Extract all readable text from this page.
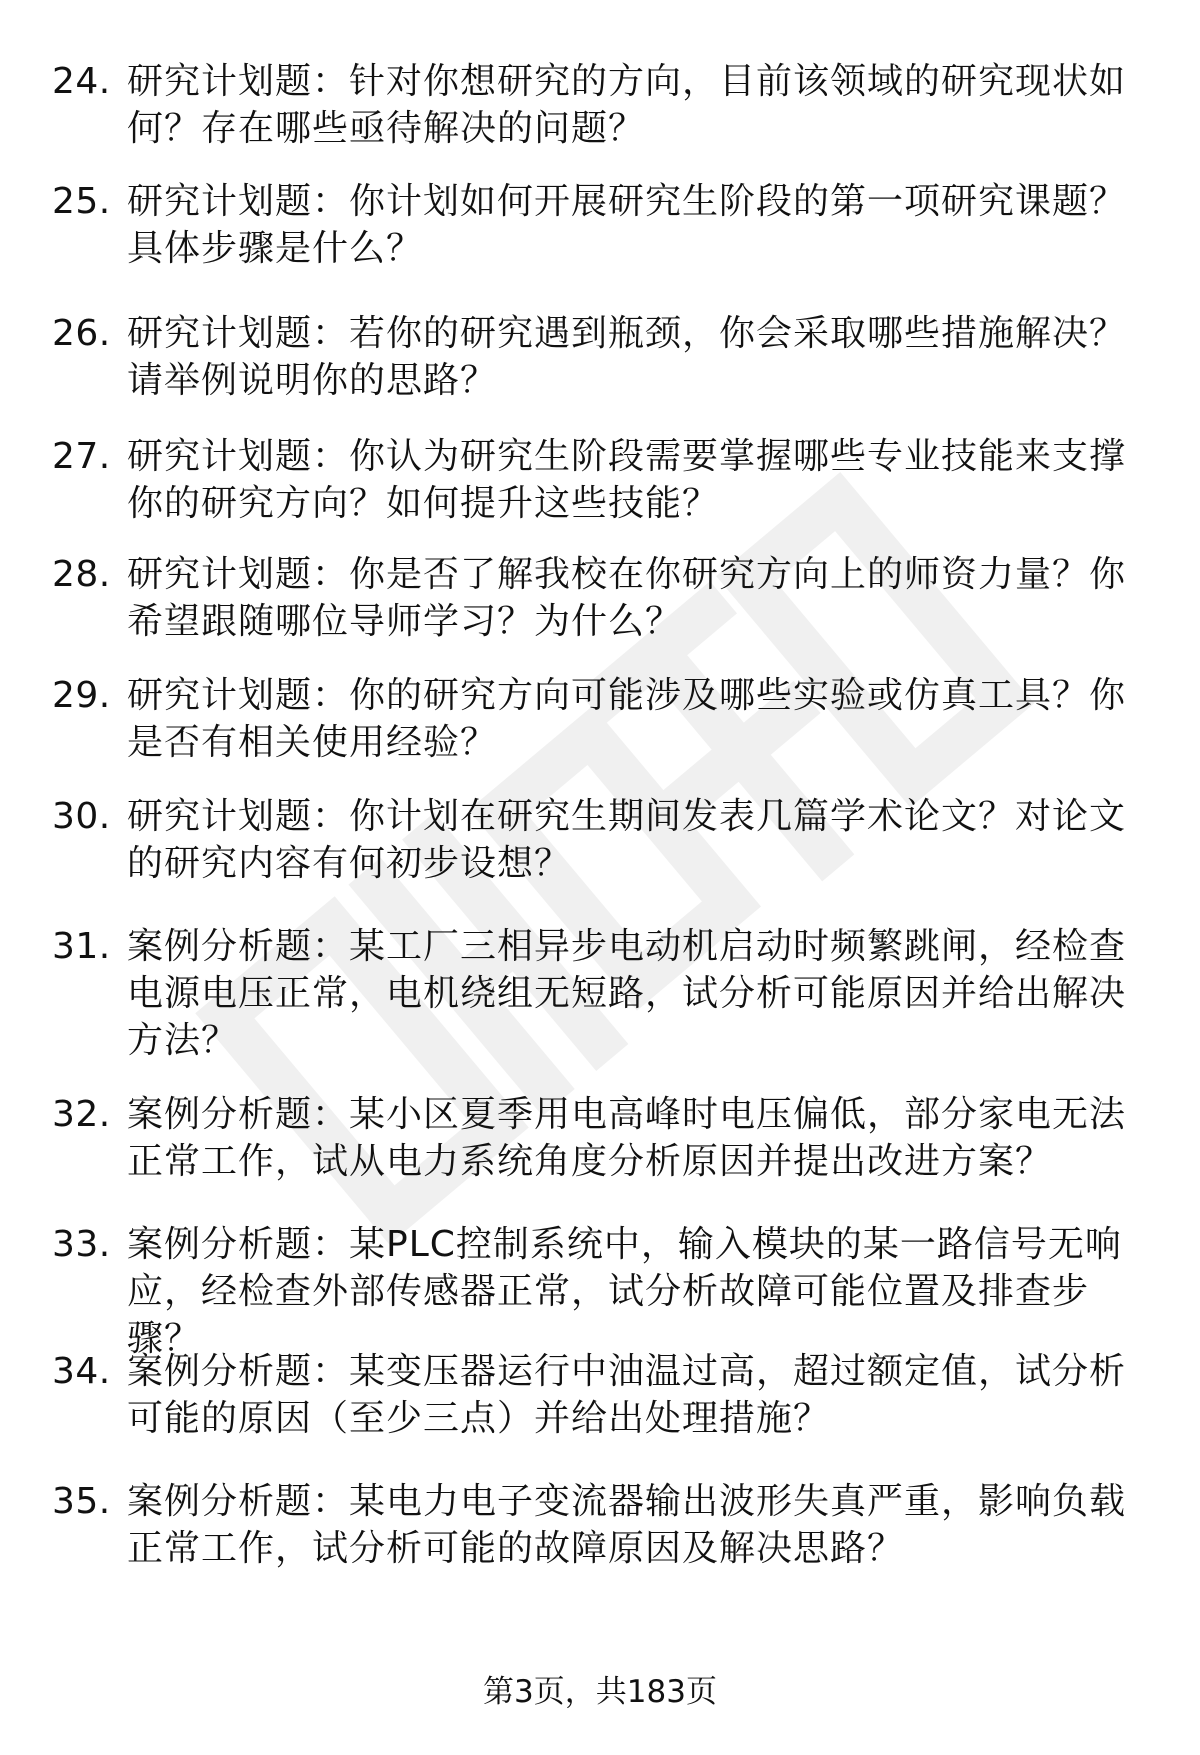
24. 研究计划题：针对你想研究的方向，目前该领域的研究现状如何？存在哪些亟待解决的问题？
25. 研究计划题：你计划如何开展研究生阶段的第一项研究课题？具体步骤是什么？
26. 研究计划题：若你的研究遇到瓶颈，你会采取哪些措施解决？请举例说明你的思路？
27. 研究计划题：你认为研究生阶段需要掌握哪些专业技能来支撑你的研究方向？如何提升这些技能？
28. 研究计划题：你是否了解我校在你研究方向上的师资力量？你希望跟随哪位导师学习？为什么？
29. 研究计划题：你的研究方向可能涉及哪些实验或仿真工具？你是否有相关使用经验？
30. 研究计划题：你计划在研究生期间发表几篇学术论文？对论文的研究内容有何初步设想？
31. 案例分析题：某工厂三相异步电动机启动时频繁跳闸，经检查电源电压正常，电机绕组无短路，试分析可能原因并给出解决方法？
32. 案例分析题：某小区夏季用电高峰时电压偏低，部分家电无法正常工作，试从电力系统角度分析原因并提出改进方案？
33. 案例分析题：某PLC控制系统中，输入模块的某一路信号无响应，经检查外部传感器正常，试分析故障可能位置及排查步骤？
34. 案例分析题：某变压器运行中油温过高，超过额定值，试分析可能的原因（至少三点）并给出处理措施？
35. 案例分析题：某电力电子变流器输出波形失真严重，影响负载正常工作，试分析可能的故障原因及解决思路？
第3页，共183页
